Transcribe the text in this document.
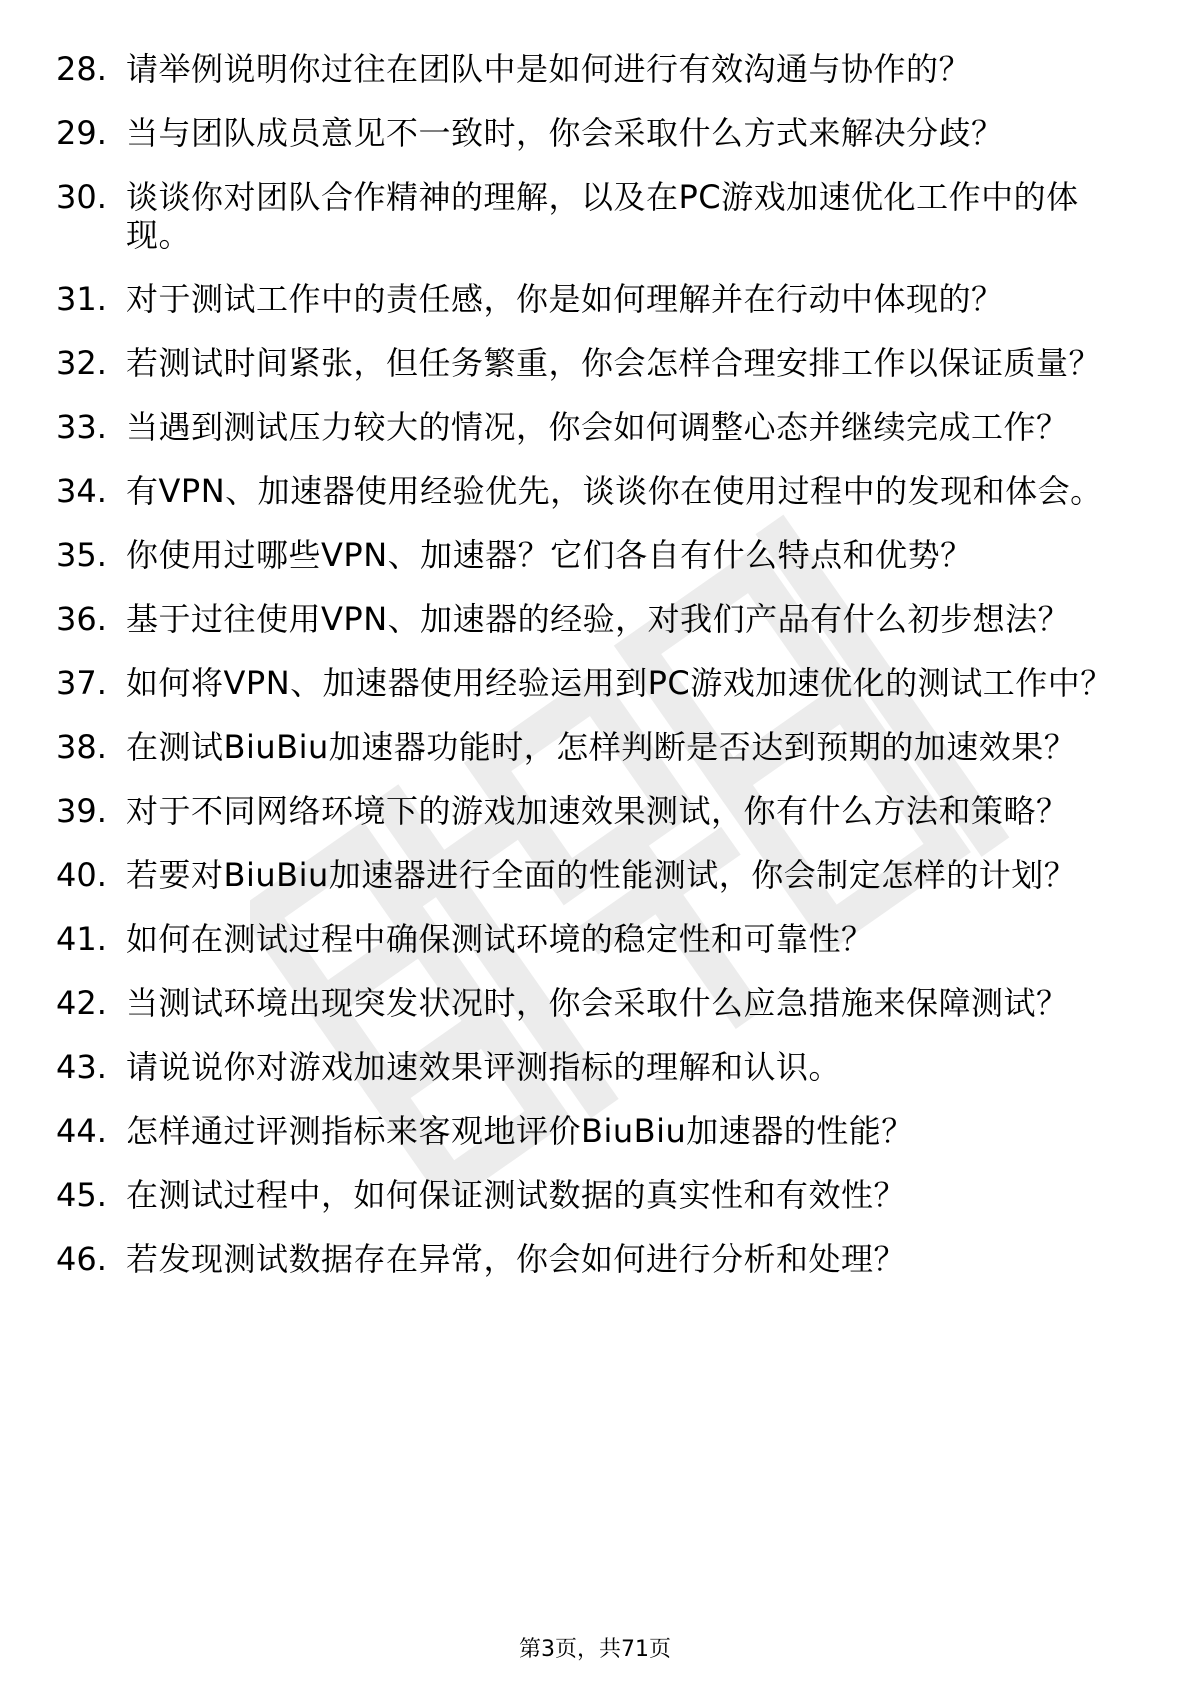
28. 请举例说明你过往在团队中是如何进行有效沟通与协作的？
29. 当与团队成员意见不一致时，你会采取什么方式来解决分歧？
30. 谈谈你对团队合作精神的理解，以及在PC游戏加速优化工作中的体现。
31. 对于测试工作中的责任感，你是如何理解并在行动中体现的？
32. 若测试时间紧张，但任务繁重，你会怎样合理安排工作以保证质量？
33. 当遇到测试压力较大的情况，你会如何调整心态并继续完成工作？
34. 有VPN、加速器使用经验优先，谈谈你在使用过程中的发现和体会。
35. 你使用过哪些VPN、加速器？它们各自有什么特点和优势？
36. 基于过往使用VPN、加速器的经验，对我们产品有什么初步想法？
37. 如何将VPN、加速器使用经验运用到PC游戏加速优化的测试工作中？
38. 在测试BiuBiu加速器功能时，怎样判断是否达到预期的加速效果？
39. 对于不同网络环境下的游戏加速效果测试，你有什么方法和策略？
40. 若要对BiuBiu加速器进行全面的性能测试，你会制定怎样的计划？
41. 如何在测试过程中确保测试环境的稳定性和可靠性？
42. 当测试环境出现突发状况时，你会采取什么应急措施来保障测试？
43. 请说说你对游戏加速效果评测指标的理解和认识。
44. 怎样通过评测指标来客观地评价BiuBiu加速器的性能？
45. 在测试过程中，如何保证测试数据的真实性和有效性？
46. 若发现测试数据存在异常，你会如何进行分析和处理？
第3页，共71页
